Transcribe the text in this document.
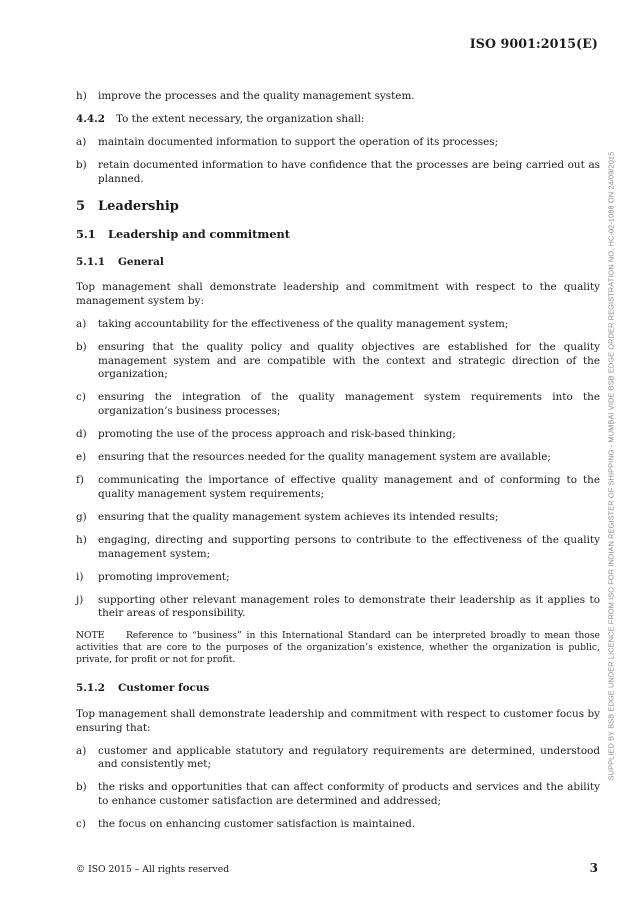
ISO 9001:2015(E)
h)	improve the processes and the quality management system.
4.4.2	To the extent necessary, the organization shall:
a)	maintain documented information to support the operation of its processes;
b)	retain documented information to have confidence that the processes are being carried out as planned.
5 Leadership
5.1	Leadership and commitment
5.1.1	General
Top management shall demonstrate leadership and commitment with respect to the quality management system by:
a)	taking accountability for the effectiveness of the quality management system;
b)	ensuring that the quality policy and quality objectives are established for the quality management system and are compatible with the context and strategic direction of the organization;
c)	ensuring the integration of the quality management system requirements into the organization’s business processes;
d)	promoting the use of the process approach and risk-based thinking;
e)	ensuring that the resources needed for the quality management system are available;
f)	communicating the importance of effective quality management and of conforming to the quality management system requirements;
g)	ensuring that the quality management system achieves its intended results;
h)	engaging, directing and supporting persons to contribute to the effectiveness of the quality management system;
i)	promoting improvement;
j)	supporting other relevant management roles to demonstrate their leadership as it applies to their areas of responsibility.
NOTE Reference to “business” in this International Standard can be interpreted broadly to mean those activities that are core to the purposes of the organization’s existence, whether the organization is public, private, for profit or not for profit.
5.1.2	Customer focus
Top management shall demonstrate leadership and commitment with respect to customer focus by ensuring that:
a)	customer and applicable statutory and regulatory requirements are determined, understood and consistently met;
b)	the risks and opportunities that can affect conformity of products and services and the ability to enhance customer satisfaction are determined and addressed;
c)	the focus on enhancing customer satisfaction is maintained.
© ISO 2015 – All rights reserved	3
SUPPLIED BY BSB EDGE UNDER LICENCE FROM ISO FOR INDIAN REGISTER OF SHIPPING - MUMBAI VIDE BSB EDGE ORDER REGISTRATION NO. HC-02-1088 ON 24/09/2015
